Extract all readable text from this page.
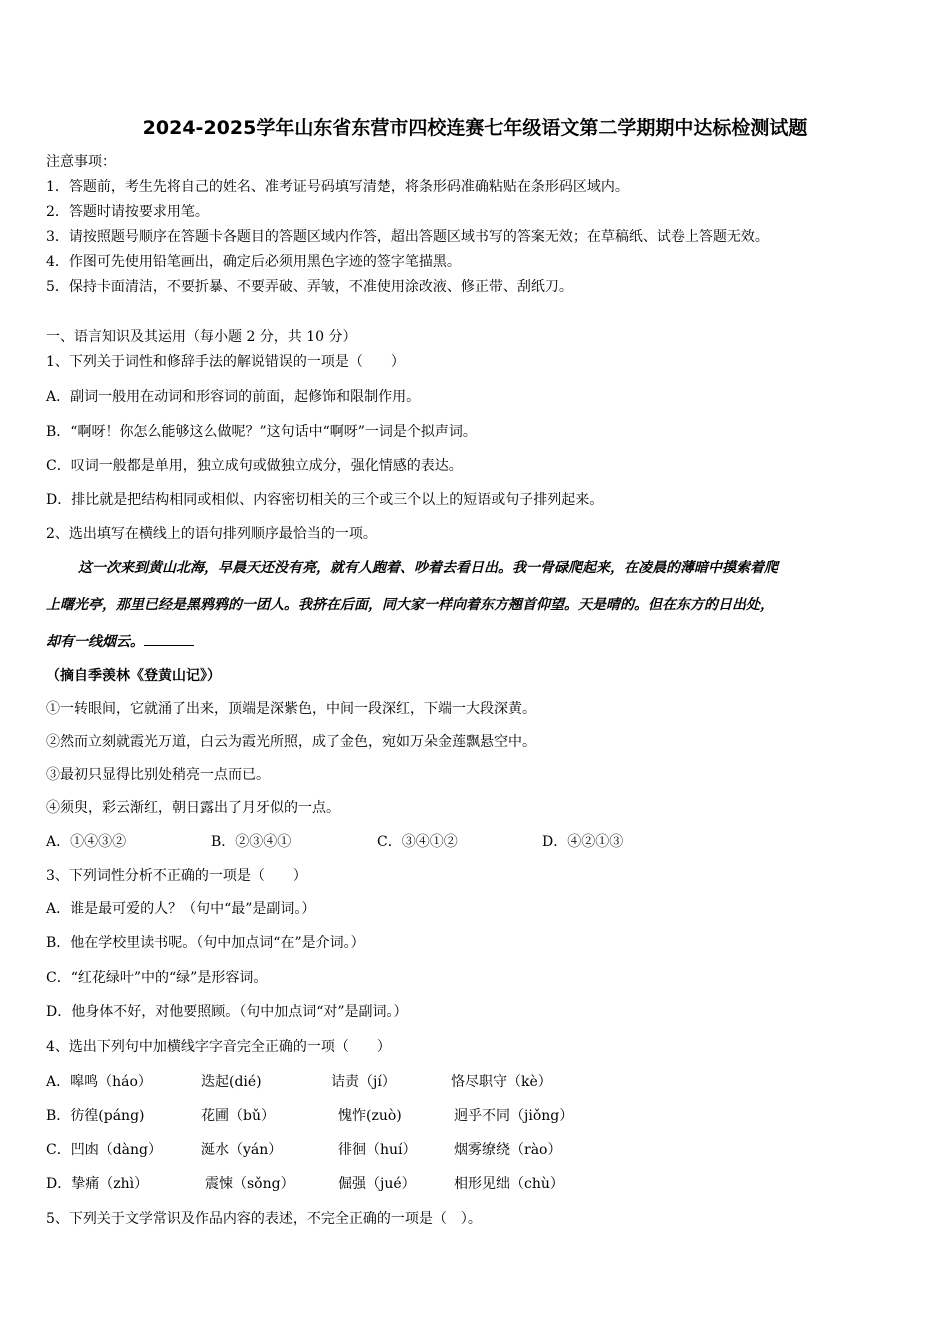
2024-2025学年山东省东营市四校连赛七年级语文第二学期期中达标检测试题
注意事项：
1．答题前，考生先将自己的姓名、准考证号码填写清楚，将条形码准确粘贴在条形码区域内。
2．答题时请按要求用笔。
3．请按照题号顺序在答题卡各题目的答题区域内作答，超出答题区域书写的答案无效；在草稿纸、试卷上答题无效。
4．作图可先使用铅笔画出，确定后必须用黑色字迹的签字笔描黑。
5．保持卡面清洁，不要折暴、不要弄破、弄皱，不准使用涂改液、修正带、刮纸刀。
一、语言知识及其运用（每小题 2 分，共 10 分）
1、下列关于词性和修辞手法的解说错误的一项是（　　）
A．副词一般用在动词和形容词的前面，起修饰和限制作用。
B．“啊呀！你怎么能够这么做呢？”这句话中“啊呀”一词是个拟声词。
C．叹词一般都是单用，独立成句或做独立成分，强化情感的表达。
D．排比就是把结构相同或相似、内容密切相关的三个或三个以上的短语或句子排列起来。
2、选出填写在横线上的语句排列顺序最恰当的一项。
这一次来到黄山北海，早晨天还没有亮，就有人跑着、吵着去看日出。我一骨碌爬起来，在凌晨的薄暗中摸索着爬
上曙光亭，那里已经是黑鸦鸦的一团人。我挤在后面，同大家一样向着东方翘首仰望。天是晴的。但在东方的日出处，
却有一线烟云。
（摘自季羡林《登黄山记》）
①一转眼间，它就涌了出来，顶端是深紫色，中间一段深红，下端一大段深黄。
②然而立刻就霞光万道，白云为霞光所照，成了金色，宛如万朵金莲飘悬空中。
③最初只显得比别处稍亮一点而已。
④须臾，彩云渐红，朝日露出了月牙似的一点。
A．①④③②	B．②③④①	C．③④①②	D．④②①③
3、下列词性分析不正确的一项是（　　）
A．谁是最可爱的人？（句中“最”是副词。）
B．他在学校里读书呢。（句中加点词“在”是介词。）
C．“红花绿叶”中的“绿”是形容词。
D．他身体不好，对他要照顾。（句中加点词“对”是副词。）
4、选出下列句中加横线字字音完全正确的一项（　　）
A．嗥鸣（háo）	迭起(dié)	诘责（jí）	恪尽职守（kè）
B．彷徨(páng)	花圃（bǔ）	愧怍(zuò)	迥乎不同（jiǒng）
C．凹凼（dàng）	涎水（yán）	徘徊（huí）	烟雾缭绕（rào）
D．挚痛（zhì）	震悚（sǒng）	倔强（jué）	相形见绌（chù）
5、下列关于文学常识及作品内容的表述，不完全正确的一项是（　）。
